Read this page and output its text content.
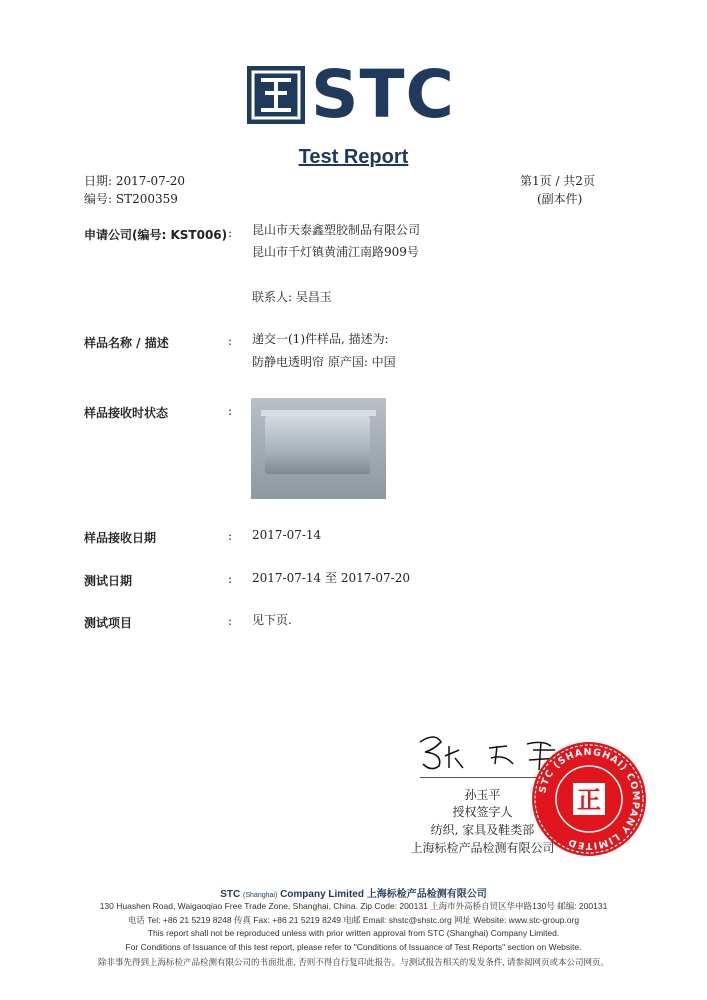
STC
Test Report
日期: 2017-07-20
编号: ST200359
第1页 / 共2页
(副本件)
申请公司(编号: KST006) : 昆山市天泰鑫塑胶制品有限公司
昆山市千灯镇黄浦江南路909号
联系人: 吴昌玉
样品名称 / 描述	: 递交一(1)件样品, 描述为:
防静电透明帘 原产国: 中国
样品接收时状态	:
样品接收日期	: 2017-07-14
测试日期	: 2017-07-14 至 2017-07-20
测试项目	: 见下页.
孙玉平
授权签字人
纺织, 家具及鞋类部
上海标检产品检测有限公司
STC (SHANGHAI) COMPANY LIMITED
正
STC (Shanghai) Company Limited 上海标检产品检测有限公司
130 Huashen Road, Waigaoqiao Free Trade Zone, Shanghai, China. Zip Code: 200131 上海市外高桥自贸区华申路130号 邮编: 200131
电话 Tel: +86 21 5219 8248 传真 Fax: +86 21 5219 8249 电邮 Email: shstc@shstc.org 网址 Website: www.stc-group.org
This report shall not be reproduced unless with prior written approval from STC (Shanghai) Company Limited.
For Conditions of Issuance of this test report, please refer to "Conditions of Issuance of Test Reports" section on Website.
除非事先得到上海标检产品检测有限公司的书面批准, 否则不得自行复印此报告。与测试报告相关的发发条件, 请参阅网页或本公司网页。
